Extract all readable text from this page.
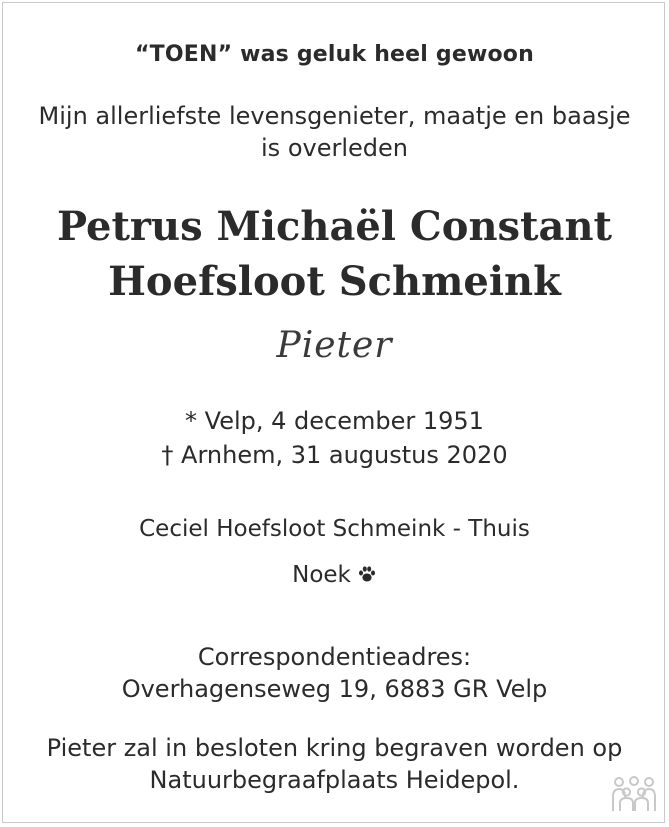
“TOEN” was geluk heel gewoon
Mijn allerliefste levensgenieter, maatje en baasje
is overleden
Petrus Michaël Constant
Hoefsloot Schmeink
Pieter
* Velp, 4 december 1951
† Arnhem, 31 augustus 2020
Ceciel Hoefsloot Schmeink - Thuis
Noek
Correspondentieadres:
Overhagenseweg 19, 6883 GR Velp
Pieter zal in besloten kring begraven worden op
Natuurbegraafplaats Heidepol.
